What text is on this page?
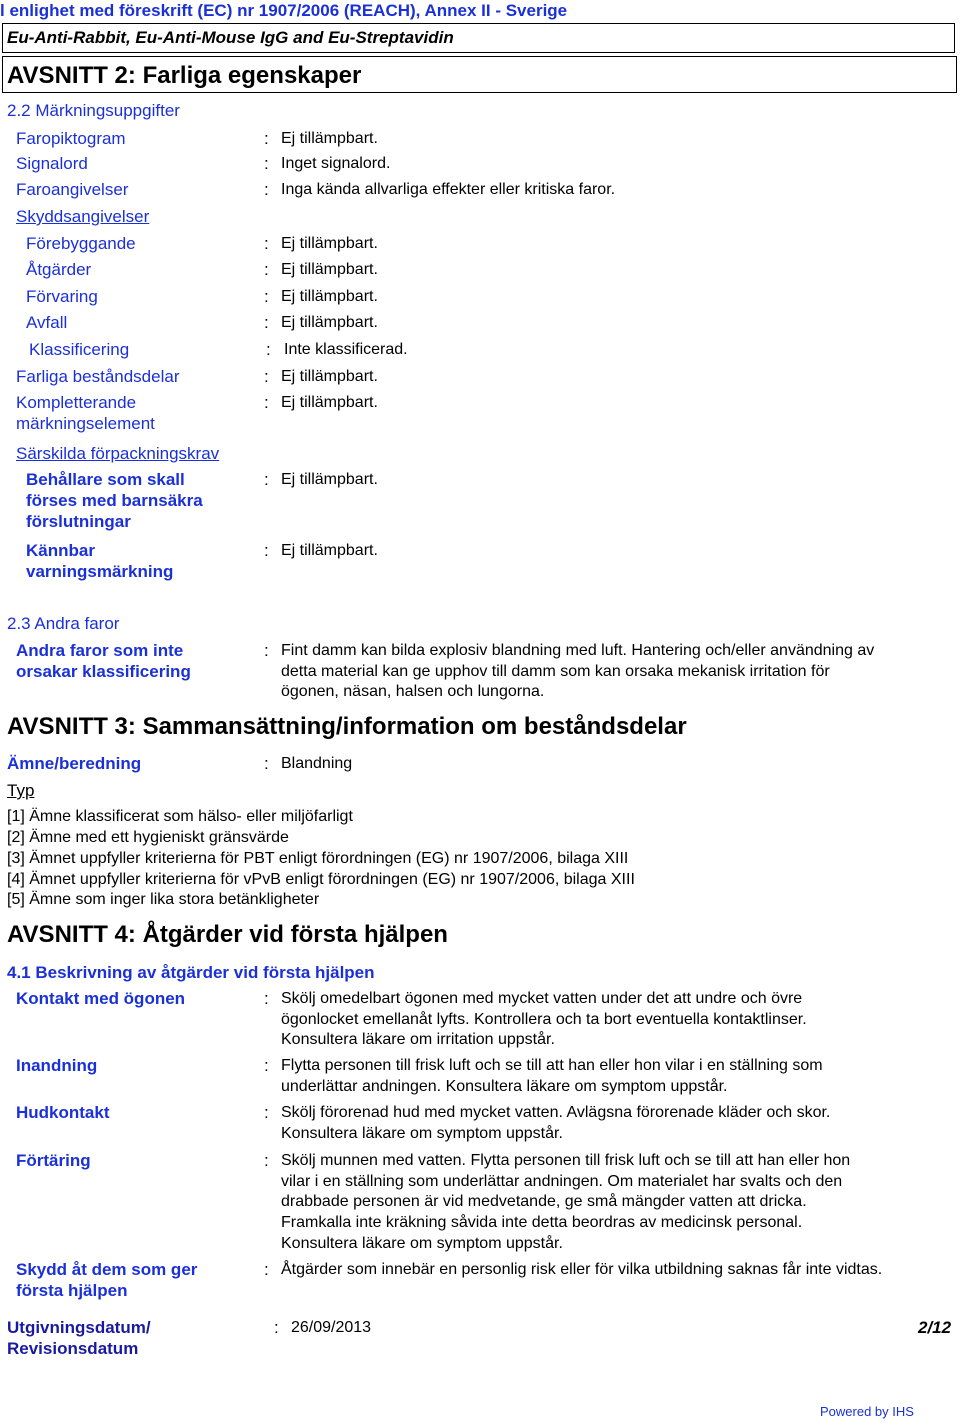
l enlighet med föreskrift (EC) nr 1907/2006 (REACH), Annex II - Sverige
Eu-Anti-Rabbit, Eu-Anti-Mouse IgG and Eu-Streptavidin
AVSNITT 2: Farliga egenskaper
2.2 Märkningsuppgifter
Faropiktogram	: Ej tillämpbart.
Signalord	: Inget signalord.
Faroangivelser	: Inga kända allvarliga effekter eller kritiska faror.
Skyddsangivelser
Förebyggande	: Ej tillämpbart.
Åtgärder	: Ej tillämpbart.
Förvaring	: Ej tillämpbart.
Avfall	: Ej tillämpbart.
Klassificering	: Inte klassificerad.
Farliga beståndsdelar	: Ej tillämpbart.
Kompletterande
märkningselement
: Ej tillämpbart.
Särskilda förpackningskrav
Behållare som skall
förses med barnsäkra
förslutningar
: Ej tillämpbart.
Kännbar
varningsmärkning
: Ej tillämpbart.
2.3 Andra faror
Andra faror som inte
orsakar klassificering
: Fint damm kan bilda explosiv blandning med luft. Hantering och/eller användning av
detta material kan ge upphov till damm som kan orsaka mekanisk irritation för
ögonen, näsan, halsen och lungorna.
AVSNITT 3: Sammansättning/information om beståndsdelar
Ämne/beredning	: Blandning
Typ
[1] Ämne klassificerat som hälso- eller miljöfarligt
[2] Ämne med ett hygieniskt gränsvärde
[3] Ämnet uppfyller kriterierna för PBT enligt förordningen (EG) nr 1907/2006, bilaga XIII
[4] Ämnet uppfyller kriterierna för vPvB enligt förordningen (EG) nr 1907/2006, bilaga XIII
[5] Ämne som inger lika stora betänkligheter
AVSNITT 4: Åtgärder vid första hjälpen
4.1 Beskrivning av åtgärder vid första hjälpen
Kontakt med ögonen	: Skölj omedelbart ögonen med mycket vatten under det att undre och övre
ögonlocket emellanåt lyfts. Kontrollera och ta bort eventuella kontaktlinser.
Konsultera läkare om irritation uppstår.
Inandning	: Flytta personen till frisk luft och se till att han eller hon vilar i en ställning som
underlättar andningen. Konsultera läkare om symptom uppstår.
Hudkontakt	: Skölj förorenad hud med mycket vatten. Avlägsna förorenade kläder och skor.
Konsultera läkare om symptom uppstår.
Förtäring	: Skölj munnen med vatten. Flytta personen till frisk luft och se till att han eller hon
vilar i en ställning som underlättar andningen. Om materialet har svalts och den
drabbade personen är vid medvetande, ge små mängder vatten att dricka.
Framkalla inte kräkning såvida inte detta beordras av medicinsk personal.
Konsultera läkare om symptom uppstår.
Skydd åt dem som ger
första hjälpen
: Åtgärder som innebär en personlig risk eller för vilka utbildning saknas får inte vidtas.
Utgivningsdatum/
Revisionsdatum
: 26/09/2013	2/12
Powered by IHS
